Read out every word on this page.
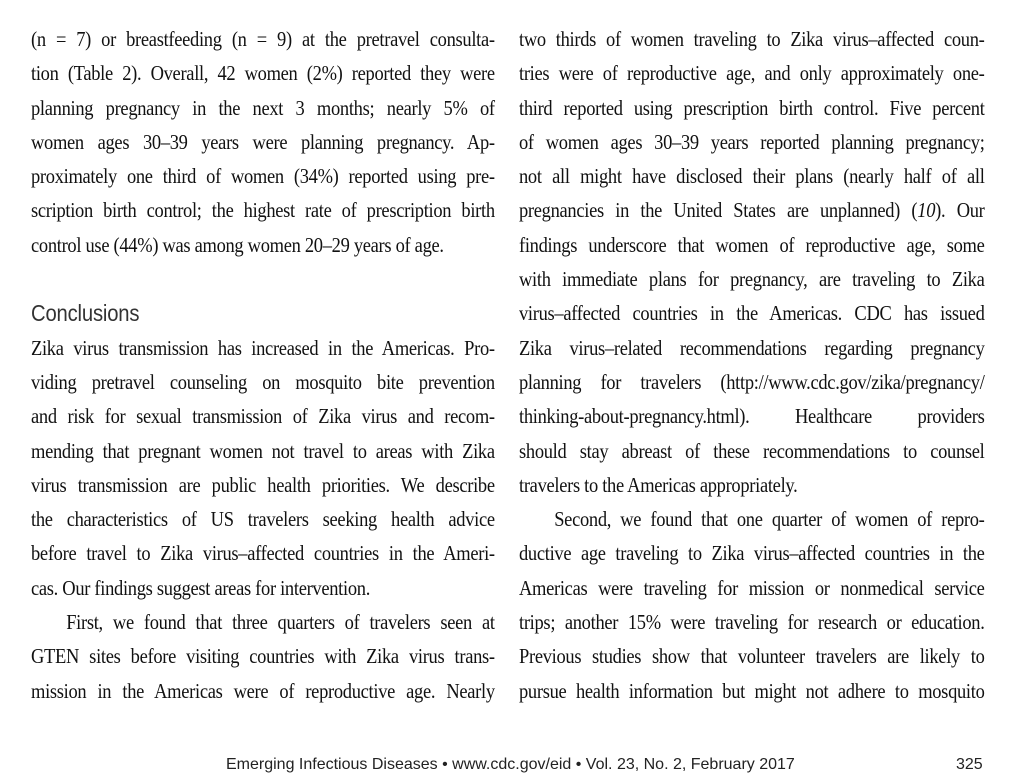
(n = 7) or breastfeeding (n = 9) at the pretravel consulta-
tion (Table 2). Overall, 42 women (2%) reported they were
planning pregnancy in the next 3 months; nearly 5% of
women ages 30–39 years were planning pregnancy. Ap-
proximately one third of women (34%) reported using pre-
scription birth control; the highest rate of prescription birth
control use (44%) was among women 20–29 years of age.
Conclusions
Zika virus transmission has increased in the Americas. Pro-
viding pretravel counseling on mosquito bite prevention
and risk for sexual transmission of Zika virus and recom-
mending that pregnant women not travel to areas with Zika
virus transmission are public health priorities. We describe
the characteristics of US travelers seeking health advice
before travel to Zika virus–affected countries in the Ameri-
cas. Our findings suggest areas for intervention.
First, we found that three quarters of travelers seen at
GTEN sites before visiting countries with Zika virus trans-
mission in the Americas were of reproductive age. Nearly
two thirds of women traveling to Zika virus–affected coun-
tries were of reproductive age, and only approximately one-
third reported using prescription birth control. Five percent
of women ages 30–39 years reported planning pregnancy;
not all might have disclosed their plans (nearly half of all
pregnancies in the United States are unplanned) (10). Our
findings underscore that women of reproductive age, some
with immediate plans for pregnancy, are traveling to Zika
virus–affected countries in the Americas. CDC has issued
Zika virus–related recommendations regarding pregnancy
planning for travelers (http://www.cdc.gov/zika/pregnancy/
thinking-about-pregnancy.html). Healthcare providers
should stay abreast of these recommendations to counsel
travelers to the Americas appropriately.
Second, we found that one quarter of women of repro-
ductive age traveling to Zika virus–affected countries in the
Americas were traveling for mission or nonmedical service
trips; another 15% were traveling for research or education.
Previous studies show that volunteer travelers are likely to
pursue health information but might not adhere to mosquito
Emerging Infectious Diseases • www.cdc.gov/eid • Vol. 23, No. 2, February 2017	325
